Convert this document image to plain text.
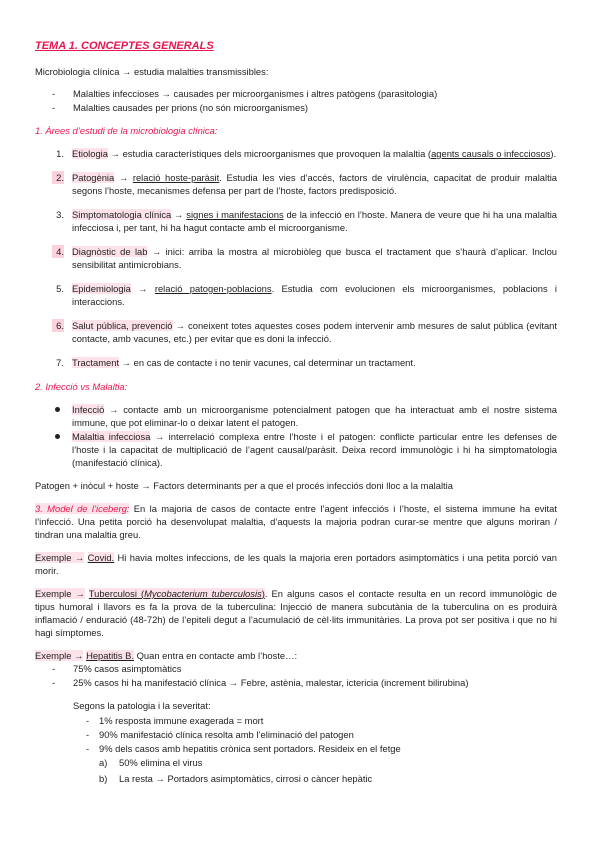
TEMA 1. CONCEPTES GENERALS

Microbiologia clínica → estudia malalties transmissibles:

- Malalties infeccioses → causades per microorganismes i altres patògens (parasitologia)
- Malalties causades per prions (no són microorganismes)

1. Àrees d’estudi de la microbiologia clínica:

1. Etiologia → estudia característiques dels microorganismes que provoquen la malaltia (agents causals o infecciosos).
2. Patogènia → relació hoste-paràsit. Estudia les vies d’accés, factors de virulència, capacitat de produir malaltia segons l’hoste, mecanismes defensa per part de l’hoste, factors predisposició.
3. Simptomatologia clínica → signes i manifestacions de la infecció en l’hoste. Manera de veure que hi ha una malaltia infecciosa i, per tant, hi ha hagut contacte amb el microorganisme.
4. Diagnòstic de lab → inici: arriba la mostra al microbiòleg que busca el tractament que s’haurà d’aplicar. Inclou sensibilitat antimicrobians.
5. Epidemiologia → relació patogen-poblacions. Estudia com evolucionen els microorganismes, poblacions i interaccions.
6. Salut pública, prevenció → coneixent totes aquestes coses podem intervenir amb mesures de salut pública (evitant contacte, amb vacunes, etc.) per evitar que es doni la infecció.
7. Tractament → en cas de contacte i no tenir vacunes, cal determinar un tractament.

2. Infecció vs Malaltia:

Infecció → contacte amb un microorganisme potencialment patogen que ha interactuat amb el nostre sistema immune, que pot eliminar-lo o deixar latent el patogen.
Malaltia infecciosa → interrelació complexa entre l’hoste i el patogen: conflicte particular entre les defenses de l’hoste i la capacitat de multiplicació de l’agent causal/paràsit. Deixa record immunològic i hi ha simptomatologia (manifestació clínica).

Patogen + inòcul + hoste → Factors determinants per a que el procés infecciós doni lloc a la malaltia

3. Model de l’iceberg: En la majoria de casos de contacte entre l’agent infecciós i l’hoste, el sistema immune ha evitat l’infecció. Una petita porció ha desenvolupat malaltia, d’aquests la majoria podran curar-se mentre que alguns moriran / tindran una malaltia greu.

Exemple → Covid. Hi havia moltes infeccions, de les quals la majoria eren portadors asimptomàtics i una petita porció van morir.

Exemple → Tuberculosi (Mycobacterium tuberculosis). En alguns casos el contacte resulta en un record immunològic de tipus humoral i llavors es fa la prova de la tuberculina: Injecció de manera subcutània de la tuberculina on es produirà inflamació / enduració (48-72h) de l’epiteli degut a l’acumulació de cèl·lits immunitàries. La prova pot ser positiva i que no hi hagi símptomes.

Exemple → Hepatitis B. Quan entra en contacte amb l’hoste…:

- 75% casos asimptomàtics
- 25% casos hi ha manifestació clínica → Febre, astènia, malestar, ictericia (increment bilirubina)

Segons la patologia i la severitat:

- 1% resposta immune exagerada = mort
- 90% manifestació clínica resolta amb l’eliminació del patogen
- 9% dels casos amb hepatitis crònica sent portadors. Resideix en el fetge
a) 50% elimina el virus
b) La resta → Portadors asimptomàtics, cirrosi o càncer hepàtic
